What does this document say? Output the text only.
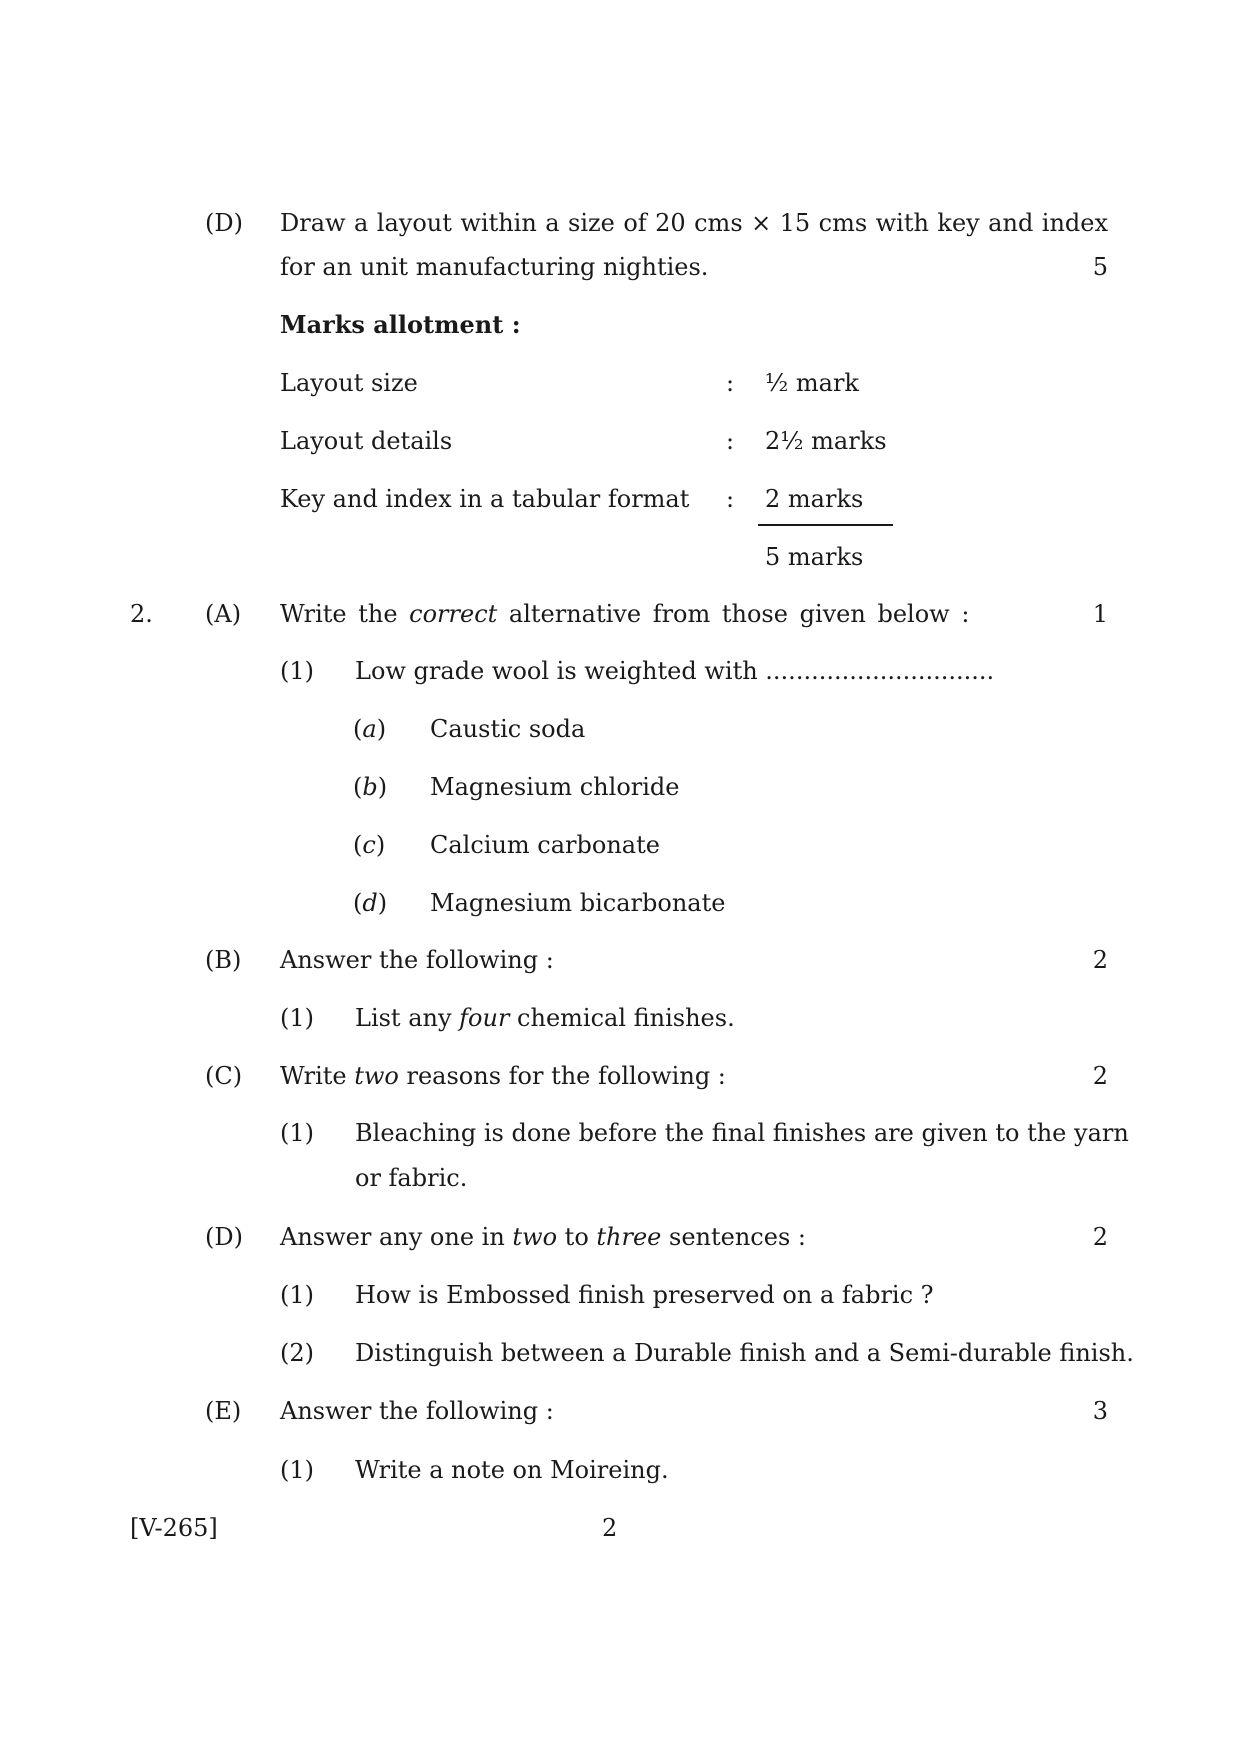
(D) Draw a layout within a size of 20 cms × 15 cms with key and index
for an unit manufacturing nighties.	5
Marks allotment :
Layout size	: ½ mark
Layout details	: 2½ marks
Key and index in a tabular format : 2 marks
5 marks
2. (A) Write the correct alternative from those given below :	1
(1) Low grade wool is weighted with ..............................
(a) Caustic soda
(b) Magnesium chloride
(c) Calcium carbonate
(d) Magnesium bicarbonate
(B) Answer the following :	2
(1) List any four chemical finishes.
(C) Write two reasons for the following :	2
(1) Bleaching is done before the final finishes are given to the yarn
or fabric.
(D) Answer any one in two to three sentences :	2
(1) How is Embossed finish preserved on a fabric ?
(2) Distinguish between a Durable finish and a Semi-durable finish.
(E) Answer the following :	3
(1) Write a note on Moireing.
[V-265]	2
